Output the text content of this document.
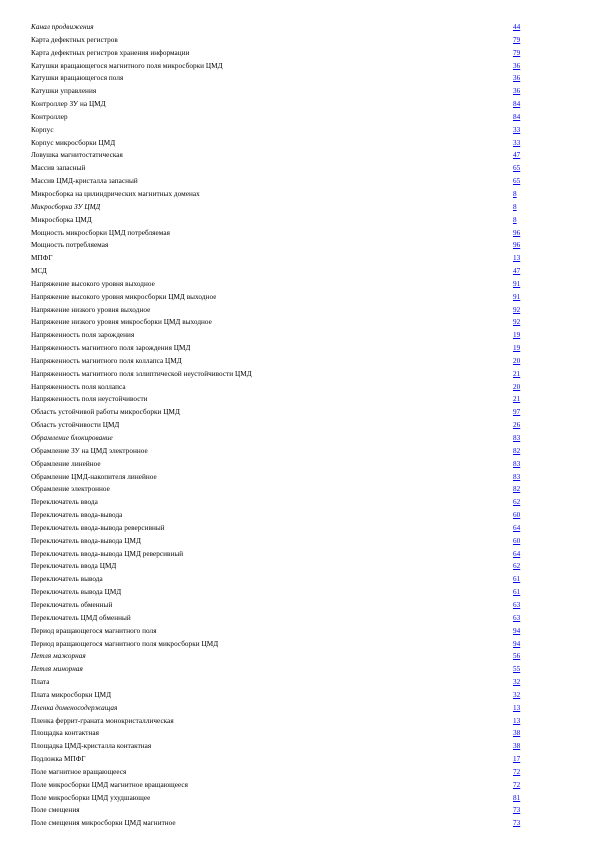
Канал продвижения	44
Карта дефектных регистров	79
Карта дефектных регистров хранения информации	79
Катушки вращающегося магнитного поля микросборки ЦМД	36
Катушки вращающегося поля	36
Катушки управления	36
Контроллер ЗУ на ЦМД	84
Контроллер	84
Корпус	33
Корпус микросборки ЦМД	33
Ловушка магнитостатическая	47
Массив запасный	65
Массив ЦМД-кристалла запасный	65
Микросборка на цилиндрических магнитных доменах	8
Микросборка ЗУ ЦМД	8
Микросборка ЦМД	8
Мощность микросборки ЦМД потребляемая	96
Мощность потребляемая	96
МПФГ	13
МСД	47
Напряжение высокого уровня выходное	91
Напряжение высокого уровня микросборки ЦМД выходное	91
Напряжение низкого уровня выходное	92
Напряжение низкого уровня микросборки ЦМД выходное	92
Напряженность поля зарождения	19
Напряженность магнитного поля зарождения ЦМД	19
Напряженность магнитного поля коллапса ЦМД	20
Напряженность магнитного поля эллиптической неустойчивости ЦМД	21
Напряженность поля коллапса	20
Напряженность поля неустойчивости	21
Область устойчивой работы микросборки ЦМД	97
Область устойчивости ЦМД	26
Обрамление блокирование	83
Обрамление ЗУ на ЦМД электронное	82
Обрамление линейное	83
Обрамление ЦМД-накопителя линейное	83
Обрамление электронное	82
Переключатель ввода	62
Переключатель ввода-вывода	60
Переключатель ввода-вывода реверсивный	64
Переключатель ввода-вывода ЦМД	60
Переключатель ввода-вывода ЦМД реверсивный	64
Переключатель ввода ЦМД	62
Переключатель вывода	61
Переключатель вывода ЦМД	61
Переключатель обменный	63
Переключатель ЦМД обменный	63
Период вращающегося магнитного поля	94
Период вращающегося магнитного поля микросборки ЦМД	94
Петля мажорная	56
Петля минорная	55
Плата	32
Плата микросборки ЦМД	32
Пленка доменосодержащая	13
Пленка феррит-граната монокристаллическая	13
Площадка контактная	38
Площадка ЦМД-кристалла контактная	38
Подложка МПФГ	17
Поле магнитное вращающееся	72
Поле микросборки ЦМД магнитное вращающееся	72
Поле микросборки ЦМД ухудшающее	81
Поле смещения	73
Поле смещения микросборки ЦМД магнитное	73
